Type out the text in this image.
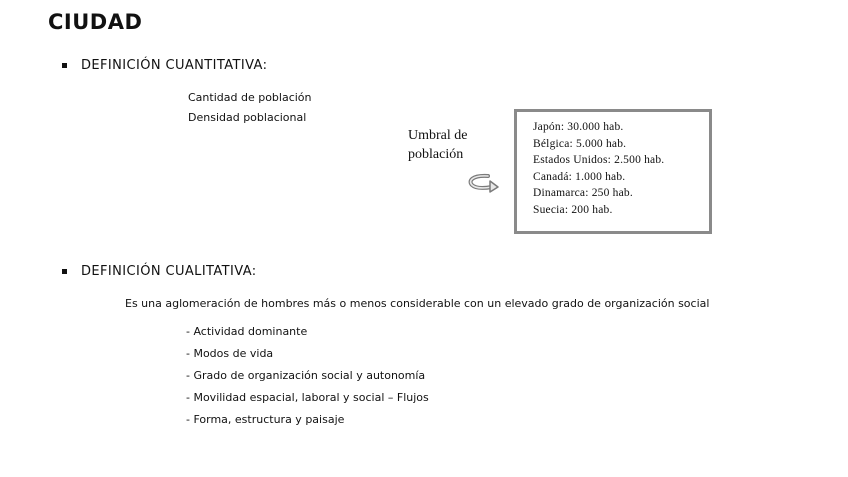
CIUDAD
DEFINICIÓN CUANTITATIVA:
Cantidad de población
Densidad poblacional
Umbral de población
Japón: 30.000 hab.
Bélgica: 5.000 hab.
Estados Unidos: 2.500 hab.
Canadá: 1.000 hab.
Dinamarca: 250 hab.
Suecia: 200 hab.
DEFINICIÓN CUALITATIVA:
Es una aglomeración de hombres más o menos considerable con un elevado grado de organización social
- Actividad dominante
- Modos de vida
- Grado de organización social y autonomía
- Movilidad espacial, laboral y social – Flujos
- Forma, estructura y paisaje
